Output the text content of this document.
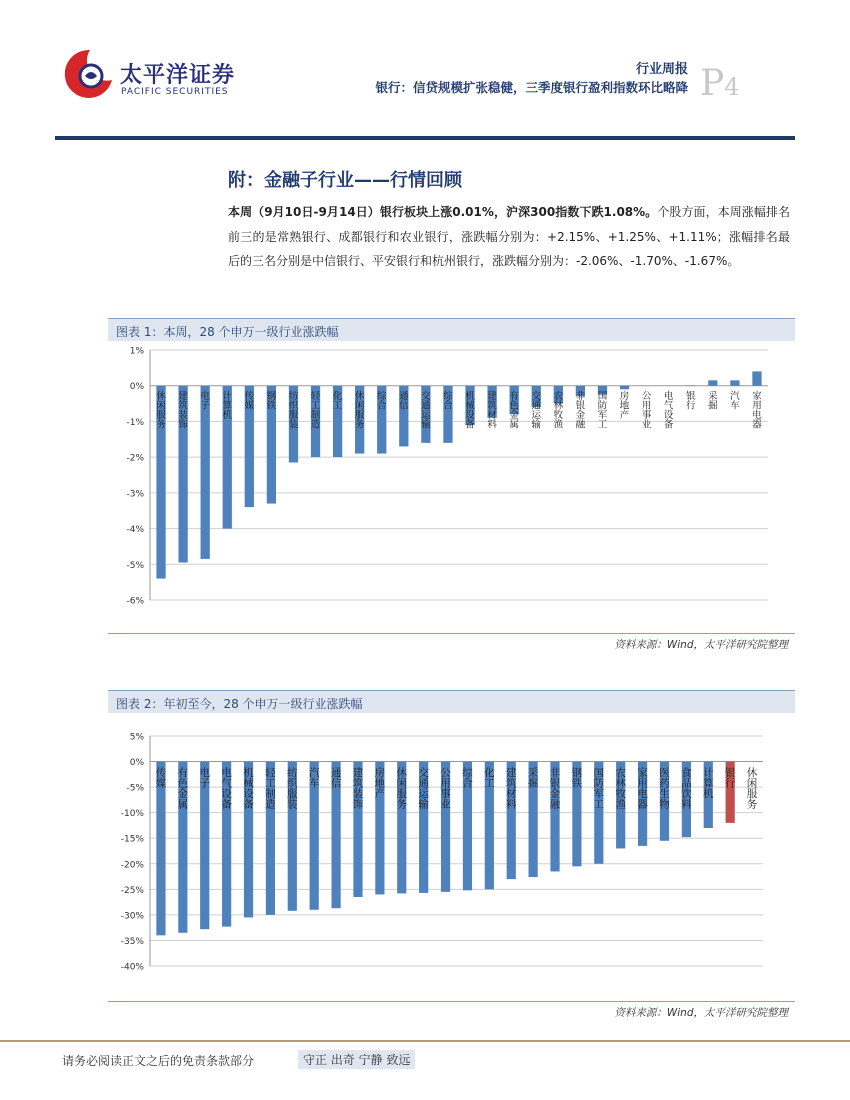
太平洋证券
PACIFIC SECURITIES
行业周报
银行：信贷规模扩张稳健，三季度银行盈利指数环比略降 P4
附：金融子行业——行情回顾
本周（9月10日-9月14日）银行板块上涨0.01%，沪深300指数下跌1.08%。个股方面，本周涨幅排名前三的是常熟银行、成都银行和农业银行，涨跌幅分别为：+2.15%、+1.25%、+1.11%；涨幅排名最后的三名分别是中信银行、平安银行和杭州银行，涨跌幅分别为：-2.06%、-1.70%、-1.67%。
图表 1：本周，28 个申万一级行业涨跌幅
1%
0%
-1%
-2%
-3%
-4%
-5%
-6%
休闲服务
建筑装饰
电子
计算机
传媒
钢铁
纺织服装
轻工制造
化工
休闲服务
综合
通信
交通运输
综合
机械设备
建筑材料
有色金属
交通运输
农林牧渔
非银金融
国防军工
房地产
公用事业
电气设备
银行
采掘
汽车
家用电器
资料来源：Wind，太平洋研究院整理
图表 2：年初至今，28 个申万一级行业涨跌幅
5%
0%
-5%
-10%
-15%
-20%
-25%
-30%
-35%
-40%
传媒
有色金属
电子
电气设备
机械设备
轻工制造
纺织服装
汽车
通信
建筑装饰
房地产
休闲服务
交通运输
公用事业
综合
化工
建筑材料
采掘
非银金融
钢铁
国防军工
农林牧渔
家用电器
医药生物
食品饮料
计算机
银行
休闲服务
资料来源：Wind，太平洋研究院整理
请务必阅读正文之后的免责条款部分	守正 出奇 宁静 致远
